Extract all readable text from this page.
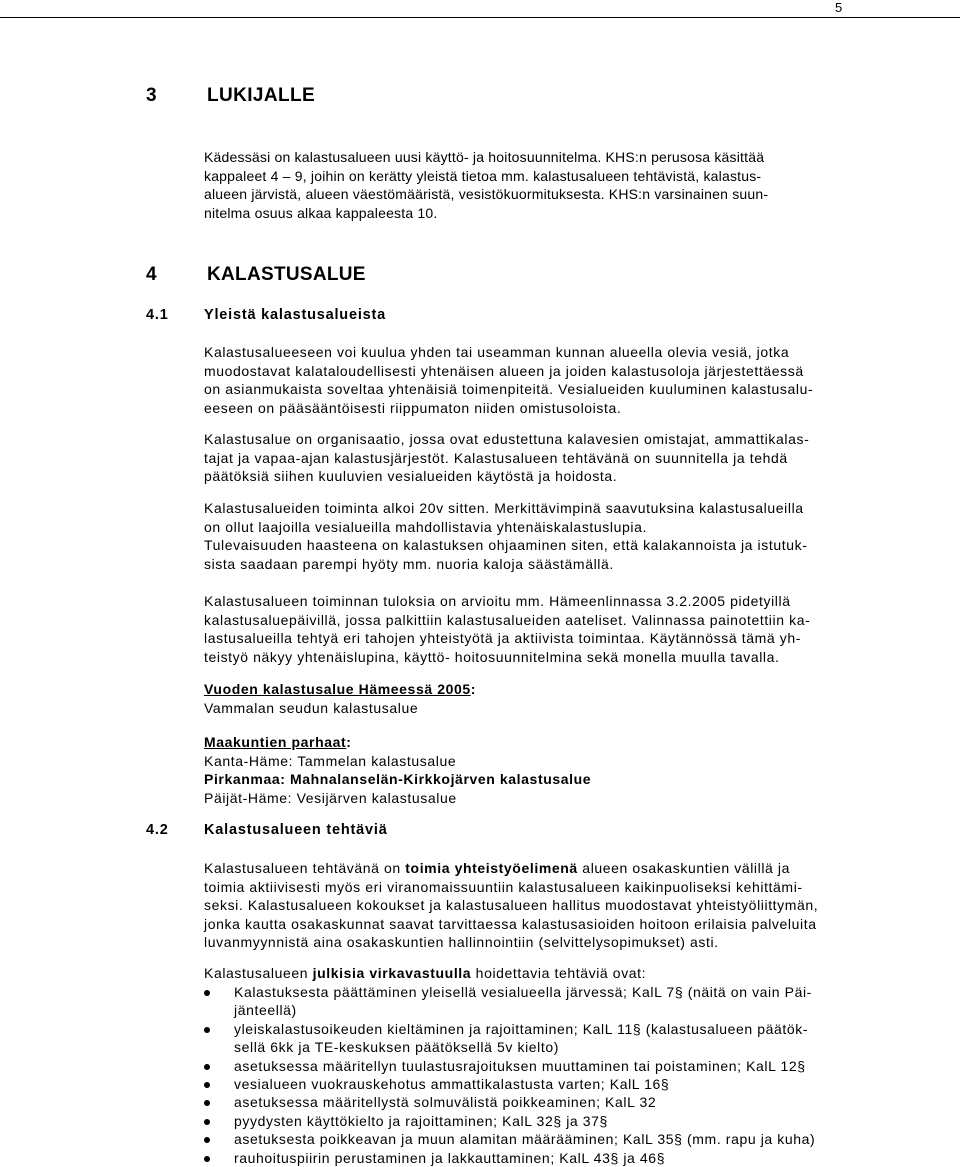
5
3	LUKIJALLE
Kädessäsi on kalastusalueen uusi käyttö- ja hoitosuunnitelma. KHS:n perusosa käsittää
kappaleet 4 – 9, joihin on kerätty yleistä tietoa mm. kalastusalueen tehtävistä, kalastus-
alueen järvistä, alueen väestömääristä, vesistökuormituksesta. KHS:n varsinainen suun-
nitelma osuus alkaa kappaleesta 10.
4	KALASTUSALUE
4.1 Yleistä kalastusalueista
Kalastusalueeseen voi kuulua yhden tai useamman kunnan alueella olevia vesiä, jotka
muodostavat kalataloudellisesti yhtenäisen alueen ja joiden kalastusoloja järjestettäessä
on asianmukaista soveltaa yhtenäisiä toimenpiteitä. Vesialueiden kuuluminen kalastusalu-
eeseen on pääsääntöisesti riippumaton niiden omistusoloista.
Kalastusalue on organisaatio, jossa ovat edustettuna kalavesien omistajat, ammattikalas-
tajat ja vapaa-ajan kalastusjärjestöt. Kalastusalueen tehtävänä on suunnitella ja tehdä
päätöksiä siihen kuuluvien vesialueiden käytöstä ja hoidosta.
Kalastusalueiden toiminta alkoi 20v sitten. Merkittävimpinä saavutuksina kalastusalueilla
on ollut laajoilla vesialueilla mahdollistavia yhtenäiskalastuslupia.
Tulevaisuuden haasteena on kalastuksen ohjaaminen siten, että kalakannoista ja istutuk-
sista saadaan parempi hyöty mm. nuoria kaloja säästämällä.
Kalastusalueen toiminnan tuloksia on arvioitu mm. Hämeenlinnassa 3.2.2005 pidetyillä
kalastusaluepäivillä, jossa palkittiin kalastusalueiden aateliset. Valinnassa painotettiin ka-
lastusalueilla tehtyä eri tahojen yhteistyötä ja aktiivista toimintaa. Käytännössä tämä yh-
teistyö näkyy yhtenäislupina, käyttö- hoitosuunnitelmina sekä monella muulla tavalla.
Vuoden kalastusalue Hämeessä 2005:
Vammalan seudun kalastusalue
Maakuntien parhaat:
Kanta-Häme: Tammelan kalastusalue
Pirkanmaa: Mahnalanselän-Kirkkojärven kalastusalue
Päijät-Häme: Vesijärven kalastusalue
4.2 Kalastusalueen tehtäviä
Kalastusalueen tehtävänä on toimia yhteistyöelimenä alueen osakaskuntien välillä ja
toimia aktiivisesti myös eri viranomaissuuntiin kalastusalueen kaikinpuoliseksi kehittämi-
seksi. Kalastusalueen kokoukset ja kalastusalueen hallitus muodostavat yhteistyöliittymän,
jonka kautta osakaskunnat saavat tarvittaessa kalastusasioiden hoitoon erilaisia palveluita
luvanmyynnistä aina osakaskuntien hallinnointiin (selvittelysopimukset) asti.
Kalastusalueen julkisia virkavastuulla hoidettavia tehtäviä ovat:
Kalastuksesta päättäminen yleisellä vesialueella järvessä; KalL 7§ (näitä on vain Päi-
jänteellä)
yleiskalastusoikeuden kieltäminen ja rajoittaminen; KalL 11§ (kalastusalueen päätök-
sellä 6kk ja TE-keskuksen päätöksellä 5v kielto)
asetuksessa määritellyn tuulastusrajoituksen muuttaminen tai poistaminen; KalL 12§
vesialueen vuokrauskehotus ammattikalastusta varten; KalL 16§
asetuksessa määritellystä solmuvälistä poikkeaminen; KalL 32
pyydysten käyttökielto ja rajoittaminen; KalL 32§ ja 37§
asetuksesta poikkeavan ja muun alamitan määrääminen; KalL 35§ (mm. rapu ja kuha)
rauhoituspiirin perustaminen ja lakkauttaminen; KalL 43§ ja 46§
